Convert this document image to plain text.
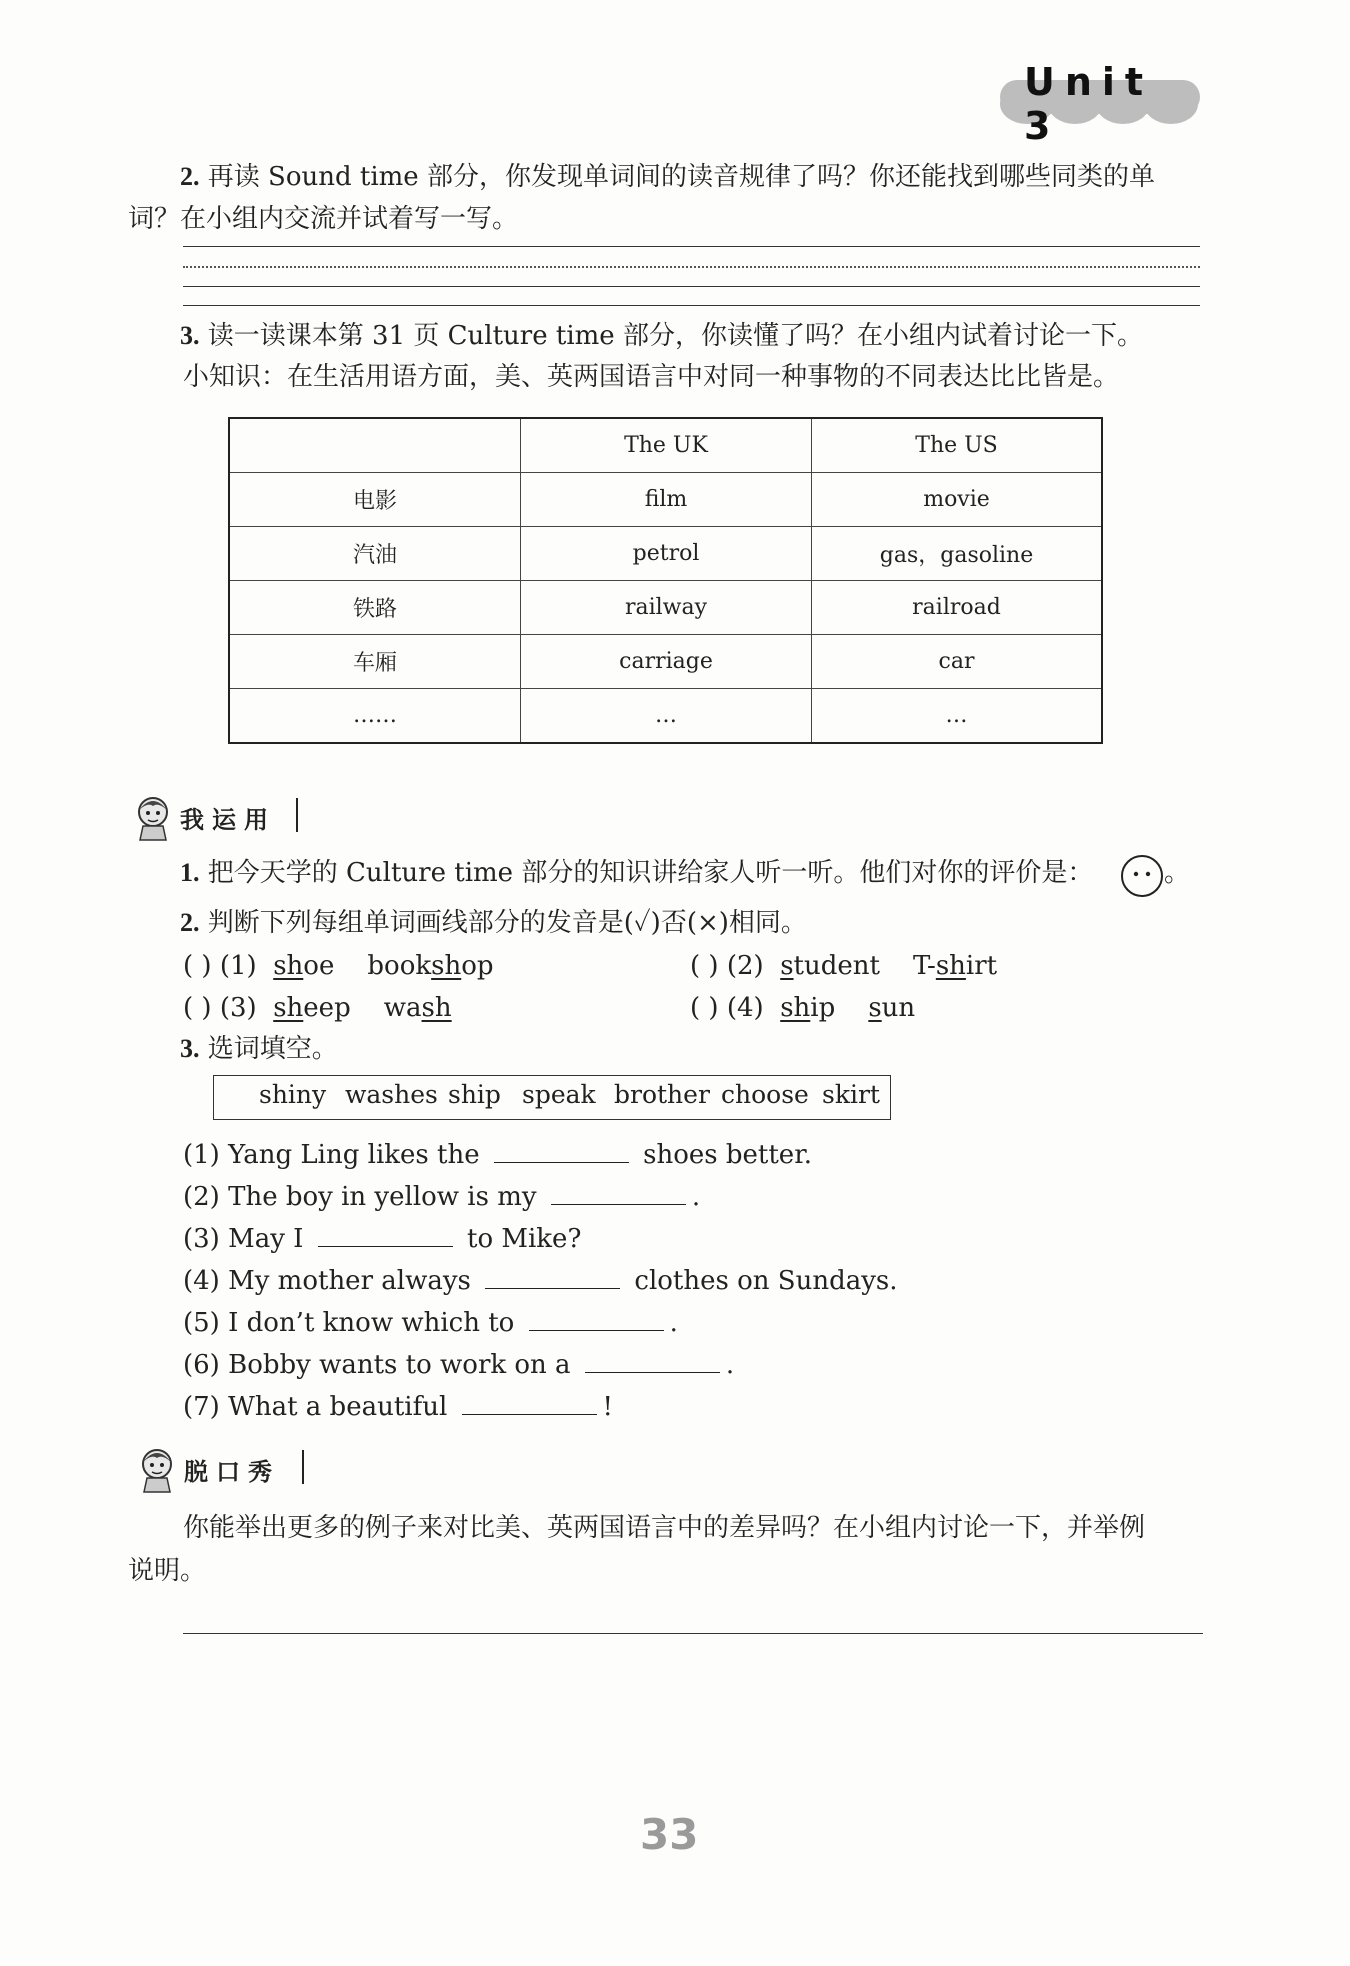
Unit 3
2. 再读 Sound time 部分，你发现单词间的读音规律了吗？你还能找到哪些同类的单
词？在小组内交流并试着写一写。
3. 读一读课本第 31 页 Culture time 部分，你读懂了吗？在小组内试着讨论一下。
小知识：在生活用语方面，美、英两国语言中对同一种事物的不同表达比比皆是。
	The UK	The US
电影	film	movie
汽油	petrol	gas，gasoline
铁路	railway	railroad
车厢	carriage	car
……	…	…
我运用
1. 把今天学的 Culture time 部分的知识讲给家人听一听。他们对你的评价是：	。
2. 判断下列每组单词画线部分的发音是(✓)否(×)相同。
( ) (1) shoe bookshop	( ) (2) student T-shirt
( ) (3) sheep wash	( ) (4) ship sun
3. 选词填空。
shiny washes ship speak brother choose skirt
(1) Yang Ling likes the	shoes better.
(2) The boy in yellow is my	.
(3) May I	to Mike?
(4) My mother always	clothes on Sundays.
(5) I don’t know which to	.
(6) Bobby wants to work on a	.
(7) What a beautiful	!
脱口秀
你能举出更多的例子来对比美、英两国语言中的差异吗？在小组内讨论一下，并举例
说明。
33
